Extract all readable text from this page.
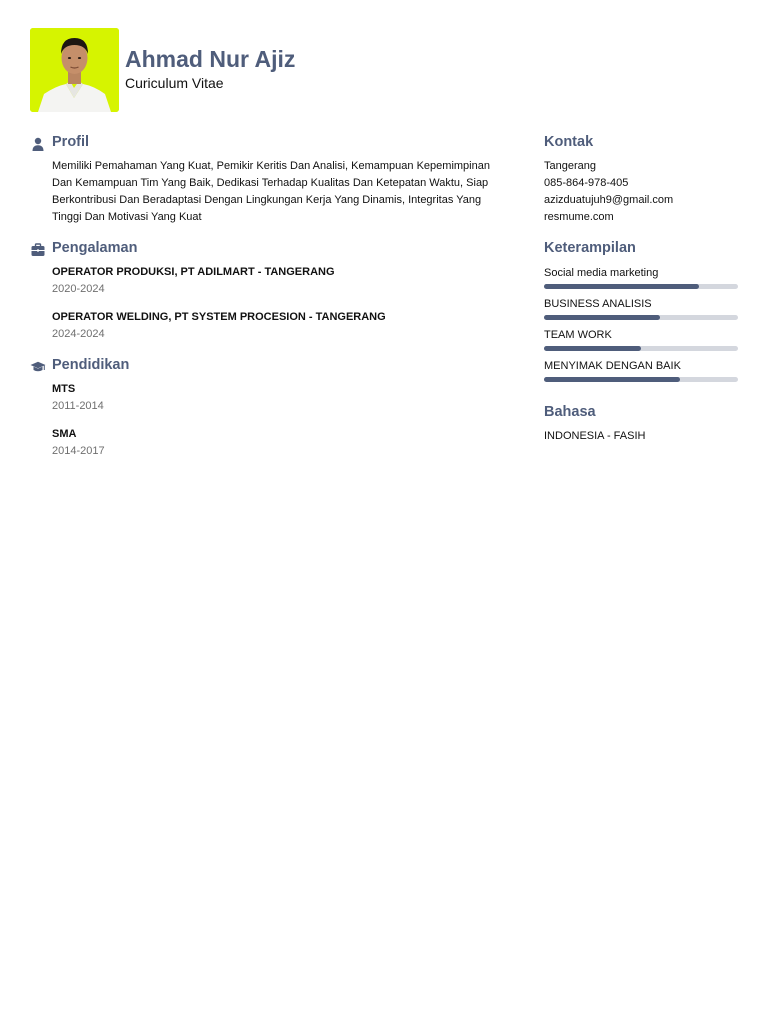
Ahmad Nur Ajiz
Curiculum Vitae
Profil
Memiliki Pemahaman Yang Kuat, Pemikir Keritis Dan Analisi, Kemampuan Kepemimpinan Dan Kemampuan Tim Yang Baik, Dedikasi Terhadap Kualitas Dan Ketepatan Waktu, Siap Berkontribusi Dan Beradaptasi Dengan Lingkungan Kerja Yang Dinamis, Integritas Yang Tinggi Dan Motivasi Yang Kuat
Pengalaman
OPERATOR PRODUKSI, PT ADILMART - TANGERANG
2020-2024
OPERATOR WELDING, PT SYSTEM PROCESION - TANGERANG
2024-2024
Pendidikan
MTS
2011-2014
SMA
2014-2017
Kontak
Tangerang
085-864-978-405
azizduatujuh9@gmail.com
resmume.com
Keterampilan
Social media marketing
BUSINESS ANALISIS
TEAM WORK
MENYIMAK DENGAN BAIK
Bahasa
INDONESIA - FASIH
